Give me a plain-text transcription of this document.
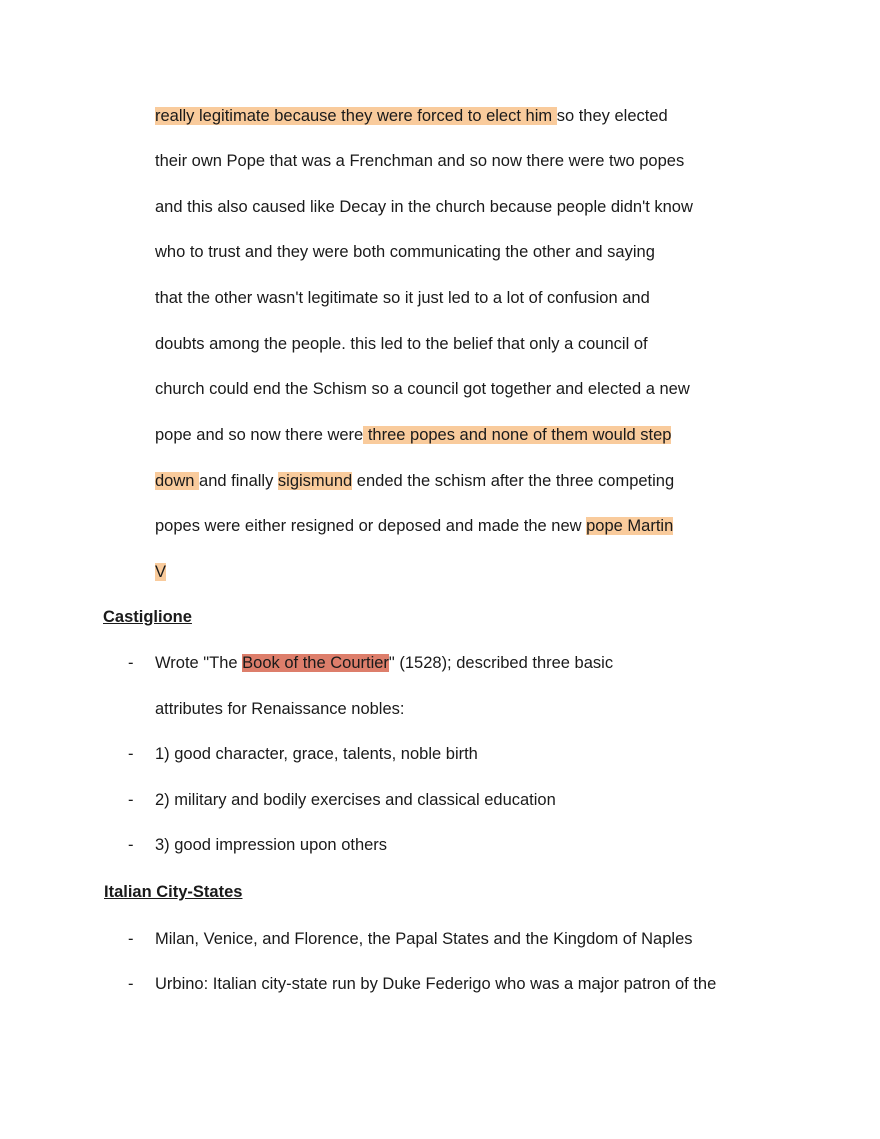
really legitimate because they were forced to elect him so they elected
their own Pope that was a Frenchman and so now there were two popes
and this also caused like Decay in the church because people didn't know
who to trust and they were both communicating the other and saying
that the other wasn't legitimate so it just led to a lot of confusion and
doubts among the people. this led to the belief that only a council of
church could end the Schism so a council got together and elected a new
pope and so now there were three popes and none of them would step
down and finally sigismund ended the schism after the three competing
popes were either resigned or deposed and made the new pope Martin
V
Castiglione
- Wrote "The Book of the Courtier" (1528); described three basic
attributes for Renaissance nobles:
- 1) good character, grace, talents, noble birth
- 2) military and bodily exercises and classical education
- 3) good impression upon others
Italian City-States
- Milan, Venice, and Florence, the Papal States and the Kingdom of Naples
- Urbino: Italian city-state run by Duke Federigo who was a major patron of the
